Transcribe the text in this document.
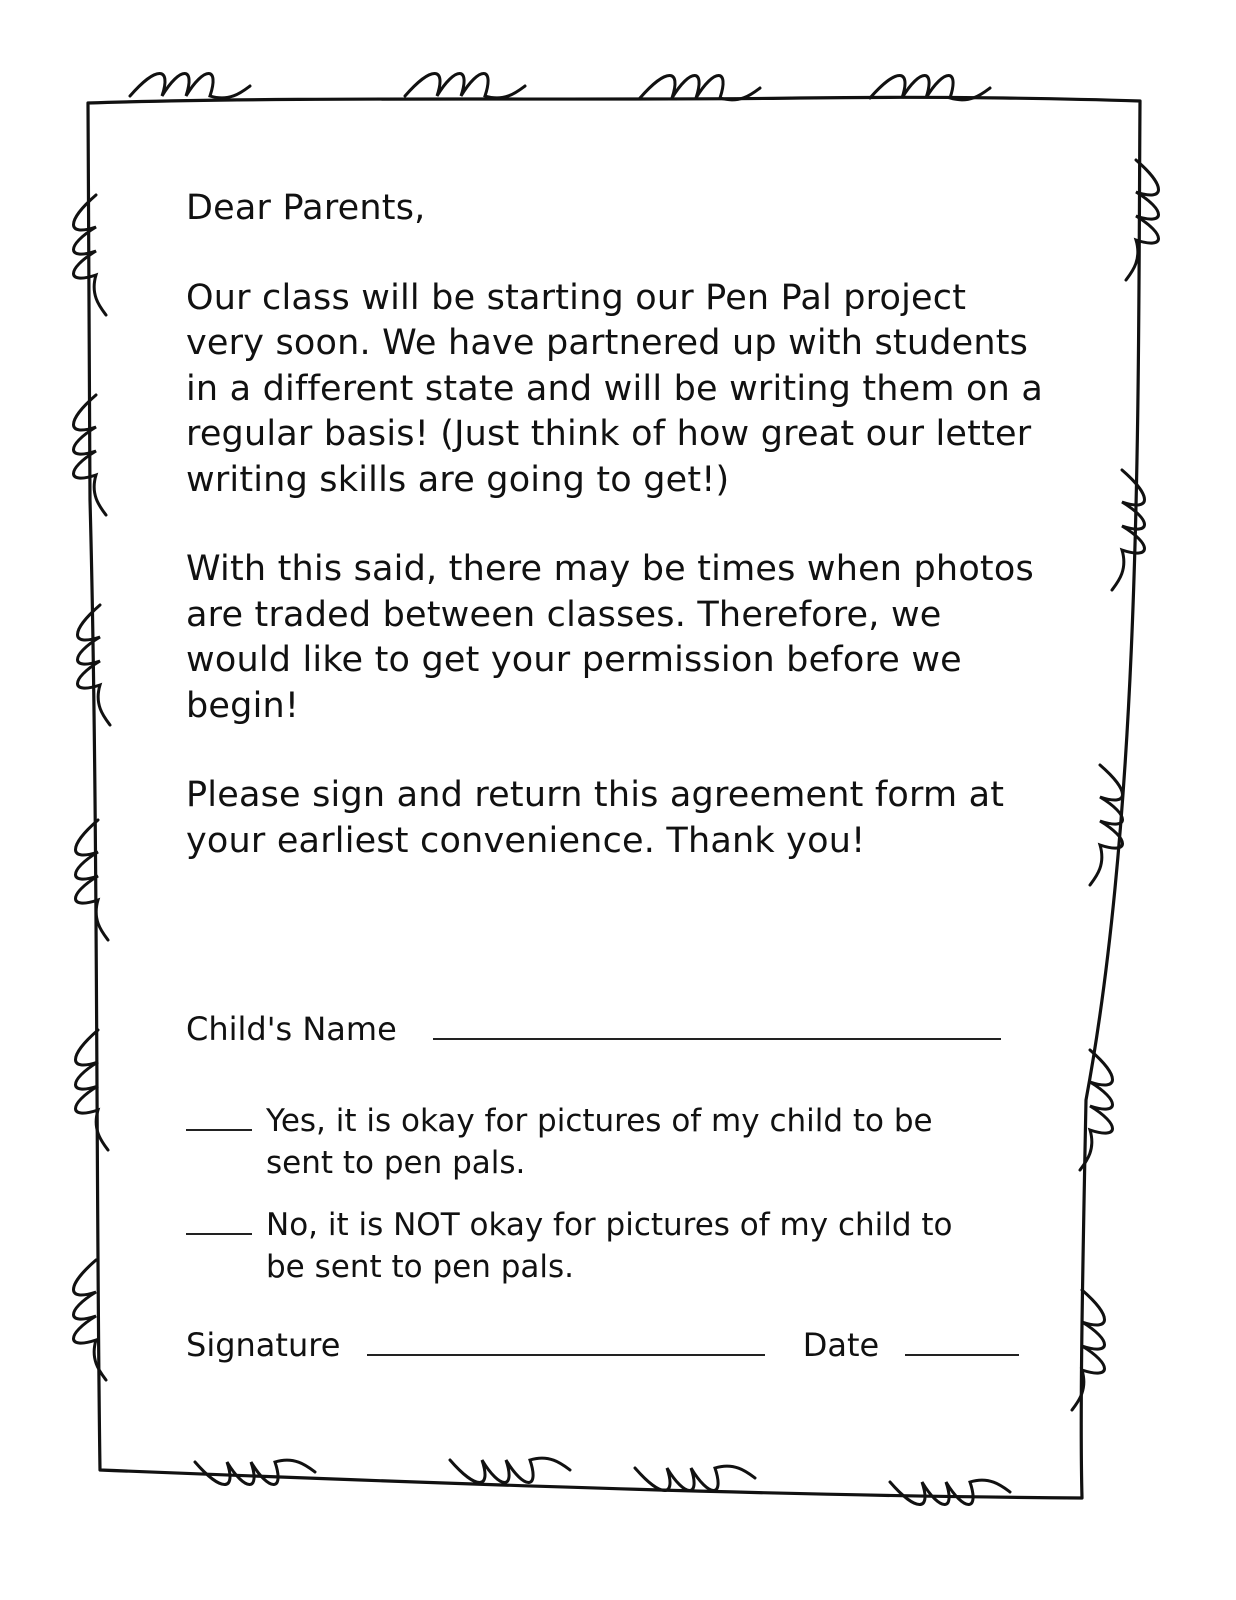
Dear Parents,
Our class will be starting our Pen Pal project very soon. We have partnered up with students in a different state and will be writing them on a regular basis! (Just think of how great our letter writing skills are going to get!)
With this said, there may be times when photos are traded between classes. Therefore, we would like to get your permission before we begin!
Please sign and return this agreement form at your earliest convenience. Thank you!
Child's Name
Yes, it is okay for pictures of my child to be sent to pen pals.
No, it is NOT okay for pictures of my child to be sent to pen pals.
Signature	Date
